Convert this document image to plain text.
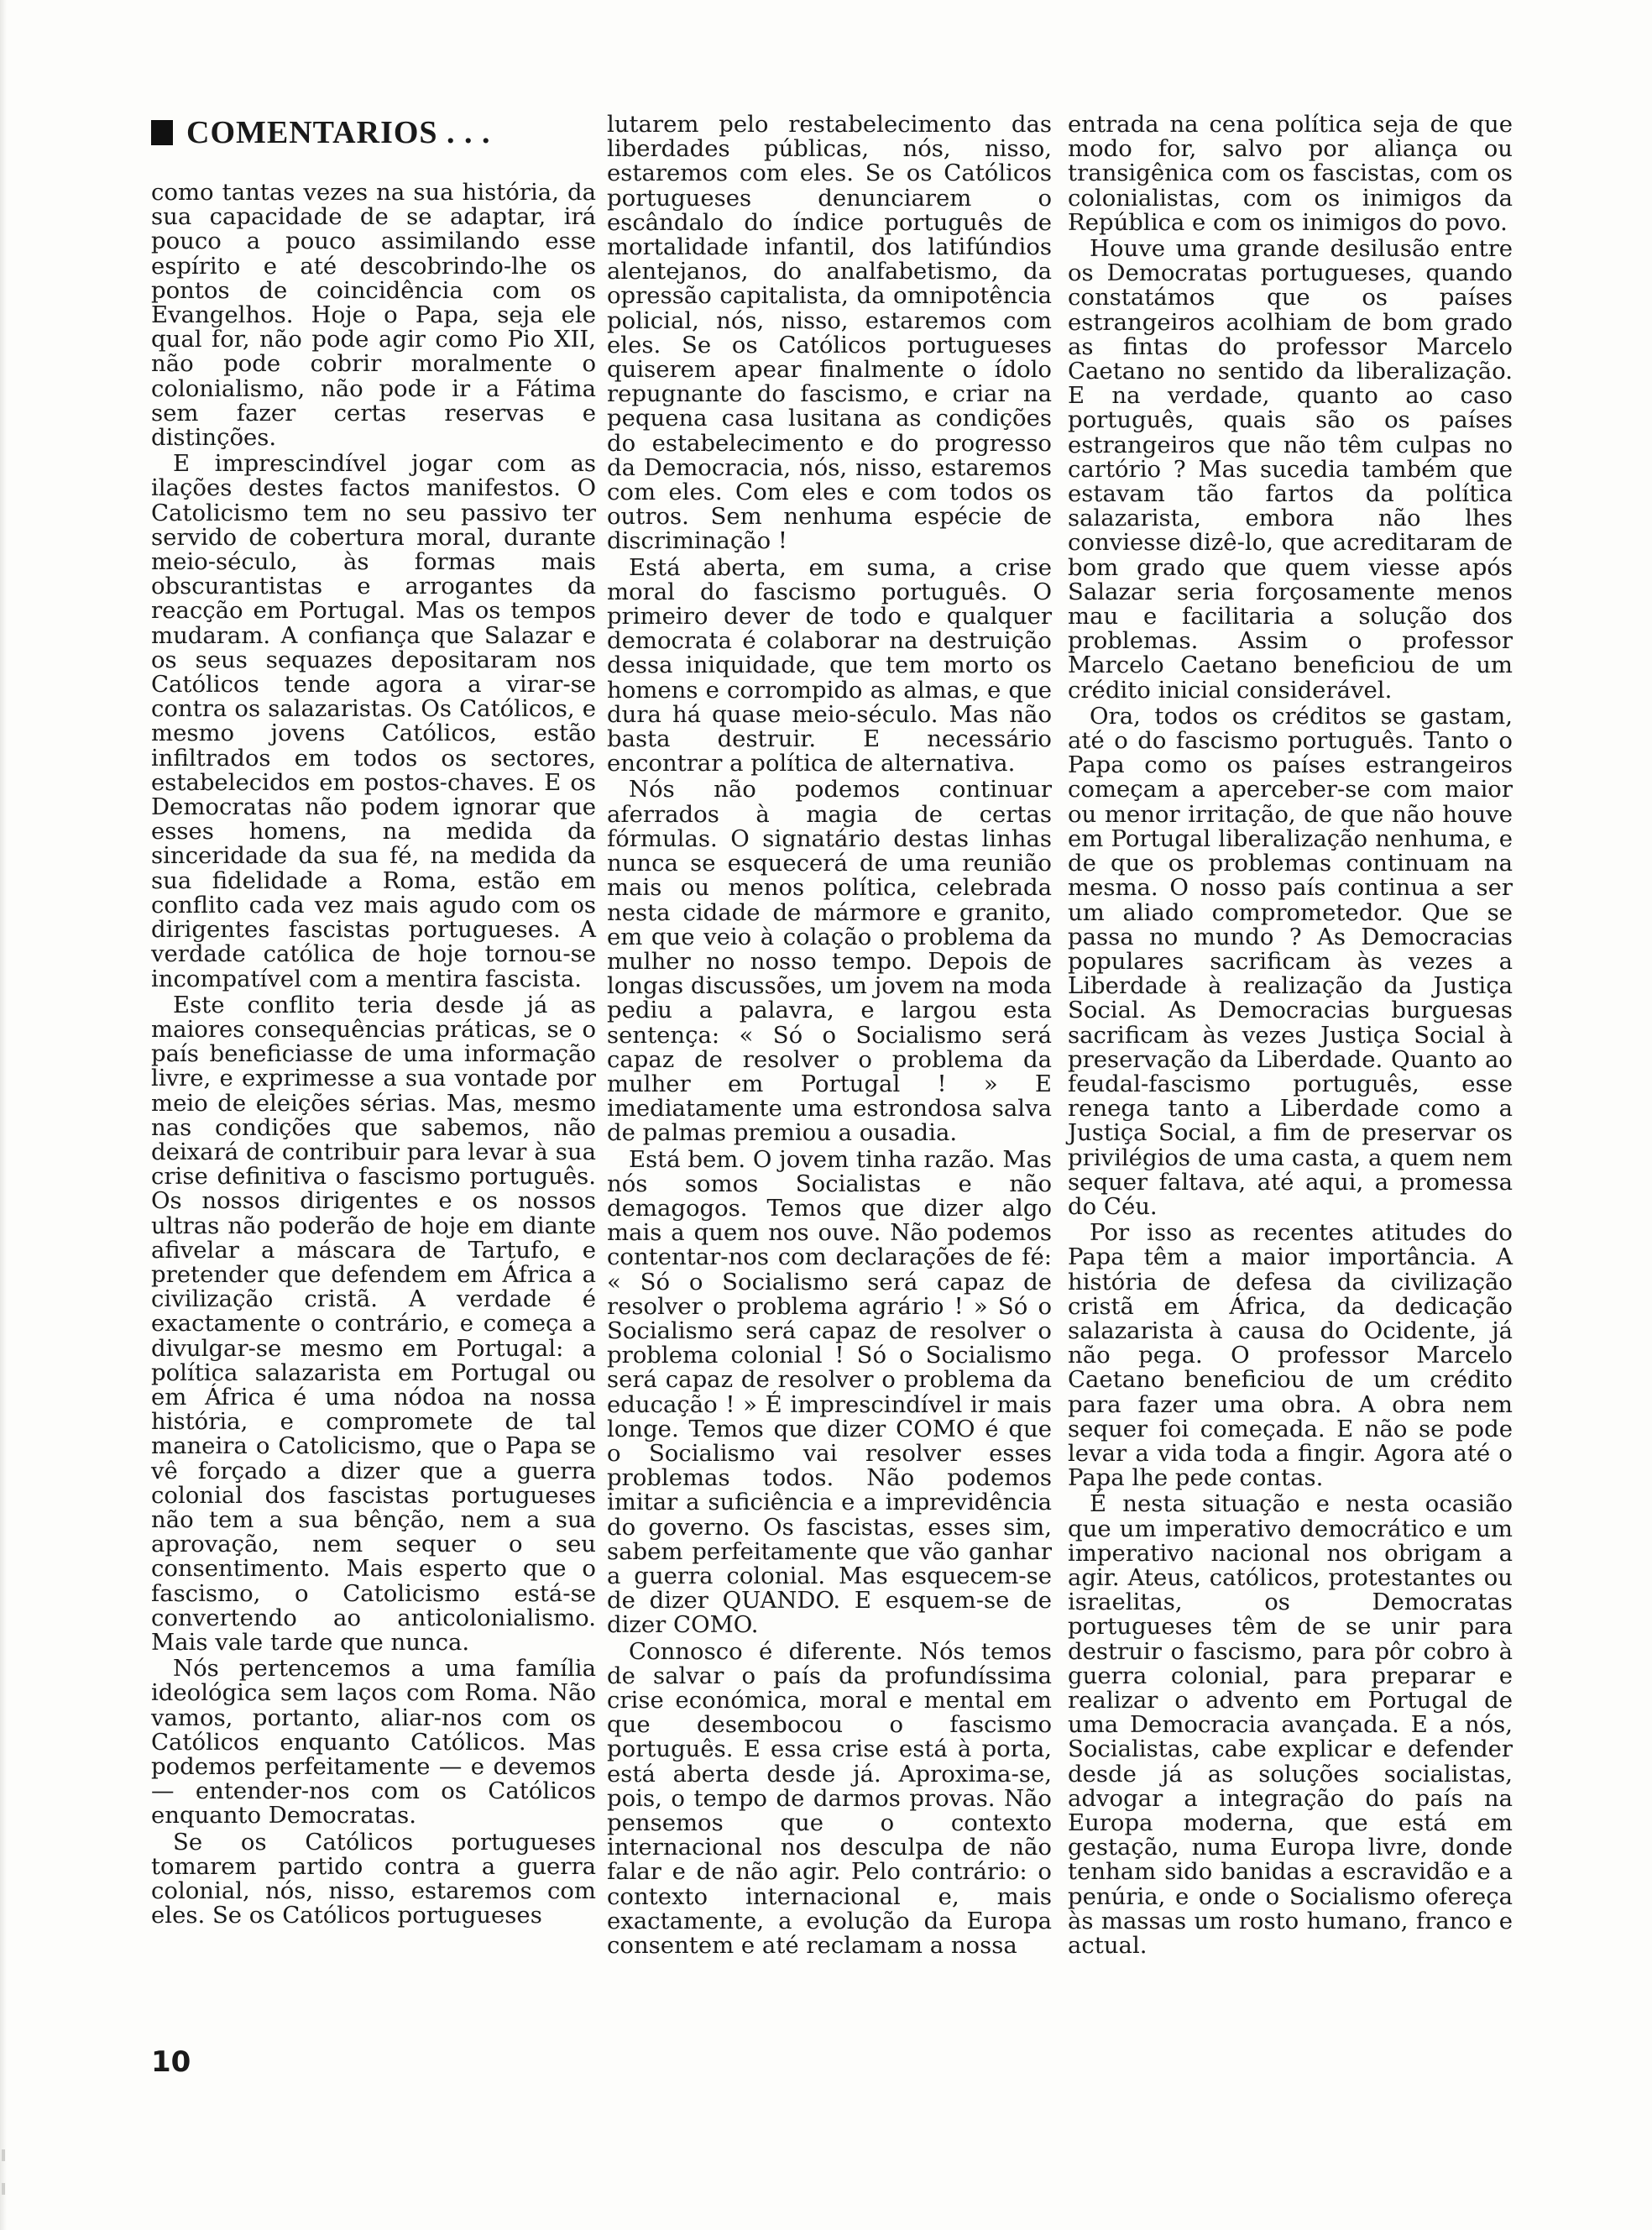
COMENTARIOS . . .

como tantas vezes na sua história, da sua capacidade de se adaptar, irá pouco a pouco assimilando esse espírito e até descobrindo-lhe os pontos de coincidência com os Evangelhos. Hoje o Papa, seja ele qual for, não pode agir como Pio XII, não pode cobrir moralmente o colonialismo, não pode ir a Fátima sem fazer certas reservas e distinções.

E imprescindível jogar com as ilações destes factos manifestos. O Catolicismo tem no seu passivo ter servido de cobertura moral, durante meio-século, às formas mais obscurantistas e arrogantes da reacção em Portugal. Mas os tempos mudaram. A confiança que Salazar e os seus sequazes depositaram nos Católicos tende agora a virar-se contra os salazaristas. Os Católicos, e mesmo jovens Católicos, estão infiltrados em todos os sectores, estabelecidos em postos-chaves. E os Democratas não podem ignorar que esses homens, na medida da sinceridade da sua fé, na medida da sua fidelidade a Roma, estão em conflito cada vez mais agudo com os dirigentes fascistas portugueses. A verdade católica de hoje tornou-se incompatível com a mentira fascista.

Este conflito teria desde já as maiores consequências práticas, se o país beneficiasse de uma informação livre, e exprimesse a sua vontade por meio de eleições sérias. Mas, mesmo nas condições que sabemos, não deixará de contribuir para levar à sua crise definitiva o fascismo português. Os nossos dirigentes e os nossos ultras não poderão de hoje em diante afivelar a máscara de Tartufo, e pretender que defendem em África a civilização cristã. A verdade é exactamente o contrário, e começa a divulgar-se mesmo em Portugal: a política salazarista em Portugal ou em África é uma nódoa na nossa história, e compromete de tal maneira o Catolicismo, que o Papa se vê forçado a dizer que a guerra colonial dos fascistas portugueses não tem a sua bênção, nem a sua aprovação, nem sequer o seu consentimento. Mais esperto que o fascismo, o Catolicismo está-se convertendo ao anticolonialismo. Mais vale tarde que nunca.

Nós pertencemos a uma família ideológica sem laços com Roma. Não vamos, portanto, aliar-nos com os Católicos enquanto Católicos. Mas podemos perfeitamente — e devemos — entender-nos com os Católicos enquanto Democratas.

Se os Católicos portugueses tomarem partido contra a guerra colonial, nós, nisso, estaremos com eles. Se os Católicos portugueses

lutarem pelo restabelecimento das liberdades públicas, nós, nisso, estaremos com eles. Se os Católicos portugueses denunciarem o escândalo do índice português de mortalidade infantil, dos latifúndios alentejanos, do analfabetismo, da opressão capitalista, da omnipotência policial, nós, nisso, estaremos com eles. Se os Católicos portugueses quiserem apear finalmente o ídolo repugnante do fascismo, e criar na pequena casa lusitana as condições do estabelecimento e do progresso da Democracia, nós, nisso, estaremos com eles. Com eles e com todos os outros. Sem nenhuma espécie de discriminação !

Está aberta, em suma, a crise moral do fascismo português. O primeiro dever de todo e qualquer democrata é colaborar na destruição dessa iniquidade, que tem morto os homens e corrompido as almas, e que dura há quase meio-século. Mas não basta destruir. E necessário encontrar a política de alternativa.

Nós não podemos continuar aferrados à magia de certas fórmulas. O signatário destas linhas nunca se esquecerá de uma reunião mais ou menos política, celebrada nesta cidade de mármore e granito, em que veio à colação o problema da mulher no nosso tempo. Depois de longas discussões, um jovem na moda pediu a palavra, e largou esta sentença: « Só o Socialismo será capaz de resolver o problema da mulher em Portugal ! » E imediatamente uma estrondosa salva de palmas premiou a ousadia.

Está bem. O jovem tinha razão. Mas nós somos Socialistas e não demagogos. Temos que dizer algo mais a quem nos ouve. Não podemos contentar-nos com declarações de fé: « Só o Socialismo será capaz de resolver o problema agrário ! » Só o Socialismo será capaz de resolver o problema colonial ! Só o Socialismo será capaz de resolver o problema da educação ! » É imprescindível ir mais longe. Temos que dizer COMO é que o Socialismo vai resolver esses problemas todos. Não podemos imitar a suficiência e a imprevidência do governo. Os fascistas, esses sim, sabem perfeitamente que vão ganhar a guerra colonial. Mas esquecem-se de dizer QUANDO. E esquem-se de dizer COMO.

Connosco é diferente. Nós temos de salvar o país da profundíssima crise económica, moral e mental em que desembocou o fascismo português. E essa crise está à porta, está aberta desde já. Aproxima-se, pois, o tempo de darmos provas. Não pensemos que o contexto internacional nos desculpa de não falar e de não agir. Pelo contrário: o contexto internacional e, mais exactamente, a evolução da Europa consentem e até reclamam a nossa

entrada na cena política seja de que modo for, salvo por aliança ou transigênica com os fascistas, com os colonialistas, com os inimigos da República e com os inimigos do povo.

Houve uma grande desilusão entre os Democratas portugueses, quando constatámos que os países estrangeiros acolhiam de bom grado as fintas do professor Marcelo Caetano no sentido da liberalização. E na verdade, quanto ao caso português, quais são os países estrangeiros que não têm culpas no cartório ? Mas sucedia também que estavam tão fartos da política salazarista, embora não lhes conviesse dizê-lo, que acreditaram de bom grado que quem viesse após Salazar seria forçosamente menos mau e facilitaria a solução dos problemas. Assim o professor Marcelo Caetano beneficiou de um crédito inicial considerável.

Ora, todos os créditos se gastam, até o do fascismo português. Tanto o Papa como os países estrangeiros começam a aperceber-se com maior ou menor irritação, de que não houve em Portugal liberalização nenhuma, e de que os problemas continuam na mesma. O nosso país continua a ser um aliado comprometedor. Que se passa no mundo ? As Democracias populares sacrificam às vezes a Liberdade à realização da Justiça Social. As Democracias burguesas sacrificam às vezes Justiça Social à preservação da Liberdade. Quanto ao feudal-fascismo português, esse renega tanto a Liberdade como a Justiça Social, a fim de preservar os privilégios de uma casta, a quem nem sequer faltava, até aqui, a promessa do Céu.

Por isso as recentes atitudes do Papa têm a maior importância. A história de defesa da civilização cristã em África, da dedicação salazarista à causa do Ocidente, já não pega. O professor Marcelo Caetano beneficiou de um crédito para fazer uma obra. A obra nem sequer foi começada. E não se pode levar a vida toda a fingir. Agora até o Papa lhe pede contas.

É nesta situação e nesta ocasião que um imperativo democrático e um imperativo nacional nos obrigam a agir. Ateus, católicos, protestantes ou israelitas, os Democratas portugueses têm de se unir para destruir o fascismo, para pôr cobro à guerra colonial, para preparar e realizar o advento em Portugal de uma Democracia avançada. E a nós, Socialistas, cabe explicar e defender desde já as soluções socialistas, advogar a integração do país na Europa moderna, que está em gestação, numa Europa livre, donde tenham sido banidas a escravidão e a penúria, e onde o Socialismo ofereça às massas um rosto humano, franco e actual.

10
